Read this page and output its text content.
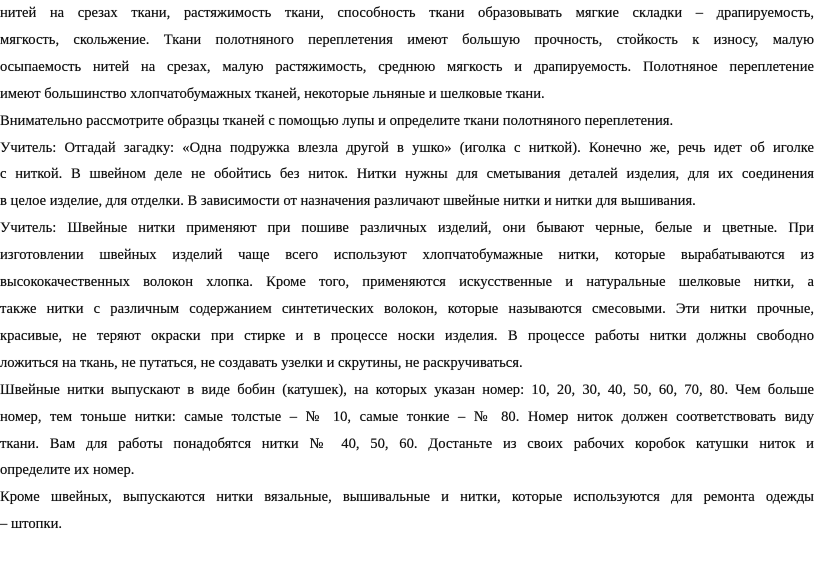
нитей на срезах ткани, растяжимость ткани, способность ткани образовывать мягкие складки – драпируемость,
мягкость, скольжение. Ткани полотняного переплетения имеют большую прочность, стойкость к износу, малую
осыпаемость нитей на срезах, малую растяжимость, среднюю мягкость и драпируемость. Полотняное переплетение
имеют большинство хлопчатобумажных тканей, некоторые льняные и шелковые ткани.

Внимательно рассмотрите образцы тканей с помощью лупы и определите ткани полотняного переплетения.

Учитель: Отгадай загадку: «Одна подружка влезла другой в ушко» (иголка с ниткой). Конечно же, речь идет об иголке
с ниткой. В швейном деле не обойтись без ниток. Нитки нужны для сметывания деталей изделия, для их соединения
в целое изделие, для отделки. В зависимости от назначения различают швейные нитки и нитки для вышивания.

Учитель: Швейные нитки применяют при пошиве различных изделий, они бывают черные, белые и цветные. При
изготовлении швейных изделий чаще всего используют хлопчатобумажные нитки, которые вырабатываются из
высококачественных волокон хлопка. Кроме того, применяются искусственные и натуральные шелковые нитки, а
также нитки с различным содержанием синтетических волокон, которые называются смесовыми. Эти нитки прочные,
красивые, не теряют окраски при стирке и в процессе носки изделия. В процессе работы нитки должны свободно
ложиться на ткань, не путаться, не создавать узелки и скрутины, не раскручиваться.

Швейные нитки выпускают в виде бобин (катушек), на которых указан номер: 10, 20, 30, 40, 50, 60, 70, 80. Чем больше
номер, тем тоньше нитки: самые толстые – № 10, самые тонкие – № 80. Номер ниток должен соответствовать виду
ткани. Вам для работы понадобятся нитки № 40, 50, 60. Достаньте из своих рабочих коробок катушки ниток и
определите их номер.

Кроме швейных, выпускаются нитки вязальные, вышивальные и нитки, которые используются для ремонта одежды
– штопки.
